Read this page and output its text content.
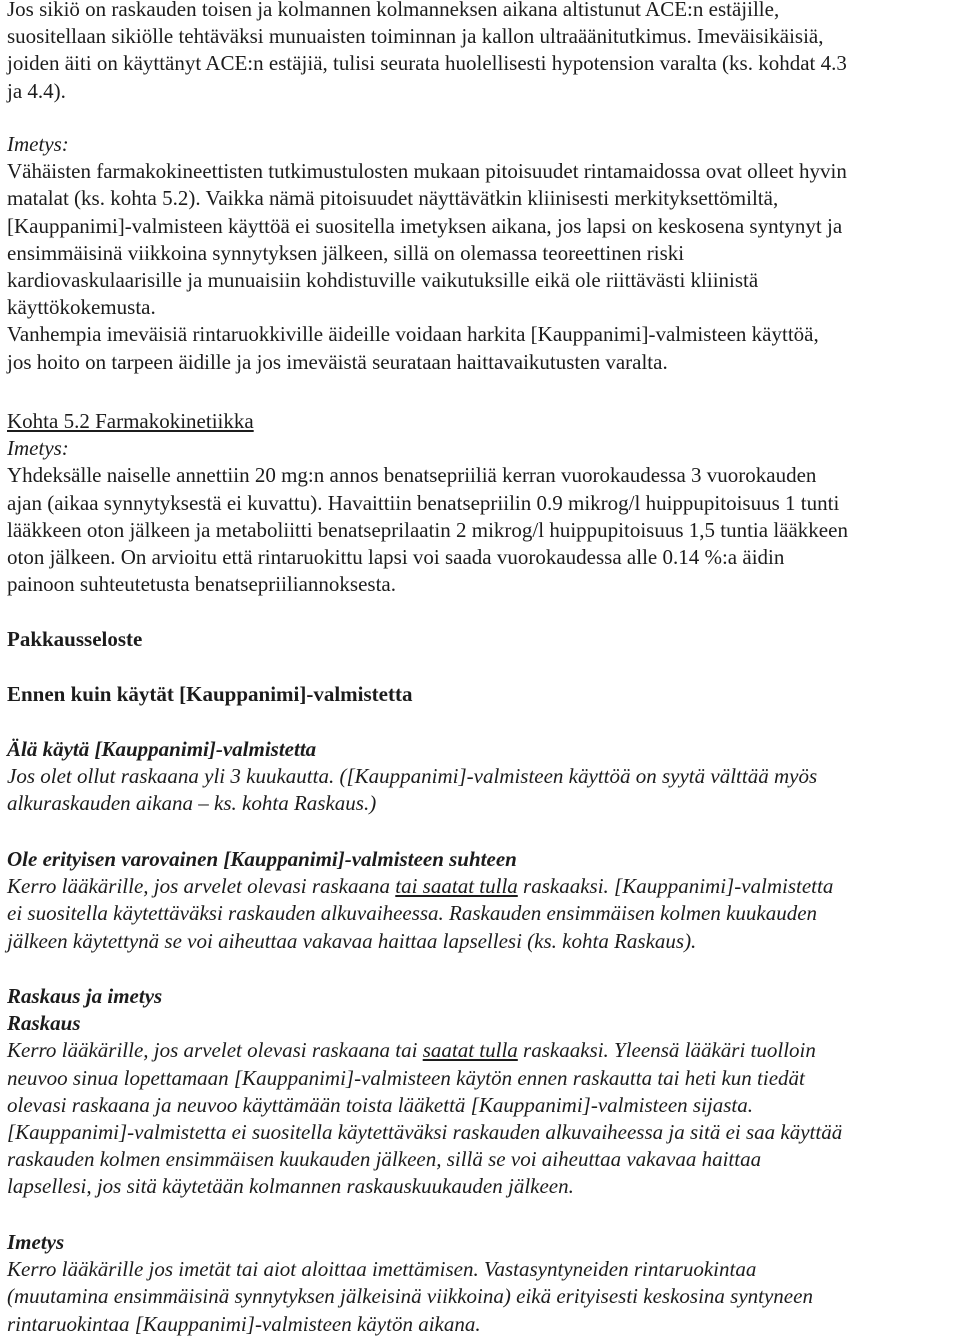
Jos sikiö on raskauden toisen ja kolmannen kolmanneksen aikana altistunut ACE:n estäjille,
suositellaan sikiölle tehtäväksi munuaisten toiminnan ja kallon ultraäänitutkimus. Imeväisikäisiä,
joiden äiti on käyttänyt ACE:n estäjiä, tulisi seurata huolellisesti hypotension varalta (ks. kohdat 4.3
ja 4.4).
Imetys:
Vähäisten farmakokineettisten tutkimustulosten mukaan pitoisuudet rintamaidossa ovat olleet hyvin
matalat (ks. kohta 5.2). Vaikka nämä pitoisuudet näyttävätkin kliinisesti merkityksettömiltä,
[Kauppanimi]-valmisteen käyttöä ei suositella imetyksen aikana, jos lapsi on keskosena syntynyt ja
ensimmäisinä viikkoina synnytyksen jälkeen, sillä on olemassa teoreettinen riski
kardiovaskulaarisille ja munuaisiin kohdistuville vaikutuksille eikä ole riittävästi kliinistä
käyttökokemusta.
Vanhempia imeväisiä rintaruokkiville äideille voidaan harkita [Kauppanimi]-valmisteen käyttöä,
jos hoito on tarpeen äidille ja jos imeväistä seurataan haittavaikutusten varalta.
Kohta 5.2 Farmakokinetiikka
Imetys:
Yhdeksälle naiselle annettiin 20 mg:n annos benatsepriiliä kerran vuorokaudessa 3 vuorokauden
ajan (aikaa synnytyksestä ei kuvattu). Havaittiin benatsepriilin 0.9 mikrog/l huippupitoisuus 1 tunti
lääkkeen oton jälkeen ja metaboliitti benatseprilaatin 2 mikrog/l huippupitoisuus 1,5 tuntia lääkkeen
oton jälkeen. On arvioitu että rintaruokittu lapsi voi saada vuorokaudessa alle 0.14 %:a äidin
painoon suhteutetusta benatsepriiliannoksesta.
Pakkausseloste
Ennen kuin käytät [Kauppanimi]-valmistetta
Älä käytä [Kauppanimi]-valmistetta
Jos olet ollut raskaana yli 3 kuukautta. ([Kauppanimi]-valmisteen käyttöä on syytä välttää myös
alkuraskauden aikana – ks. kohta Raskaus.)
Ole erityisen varovainen [Kauppanimi]-valmisteen suhteen
Kerro lääkärille, jos arvelet olevasi raskaana tai saatat tulla raskaaksi. [Kauppanimi]-valmistetta
ei suositella käytettäväksi raskauden alkuvaiheessa. Raskauden ensimmäisen kolmen kuukauden
jälkeen käytettynä se voi aiheuttaa vakavaa haittaa lapsellesi (ks. kohta Raskaus).
Raskaus ja imetys
Raskaus
Kerro lääkärille, jos arvelet olevasi raskaana tai saatat tulla raskaaksi. Yleensä lääkäri tuolloin
neuvoo sinua lopettamaan [Kauppanimi]-valmisteen käytön ennen raskautta tai heti kun tiedät
olevasi raskaana ja neuvoo käyttämään toista lääkettä [Kauppanimi]-valmisteen sijasta.
[Kauppanimi]-valmistetta ei suositella käytettäväksi raskauden alkuvaiheessa ja sitä ei saa käyttää
raskauden kolmen ensimmäisen kuukauden jälkeen, sillä se voi aiheuttaa vakavaa haittaa
lapsellesi, jos sitä käytetään kolmannen raskauskuukauden jälkeen.
Imetys
Kerro lääkärille jos imetät tai aiot aloittaa imettämisen. Vastasyntyneiden rintaruokintaa
(muutamina ensimmäisinä synnytyksen jälkeisinä viikkoina) eikä erityisesti keskosina syntyneen
rintaruokintaa [Kauppanimi]-valmisteen käytön aikana.
